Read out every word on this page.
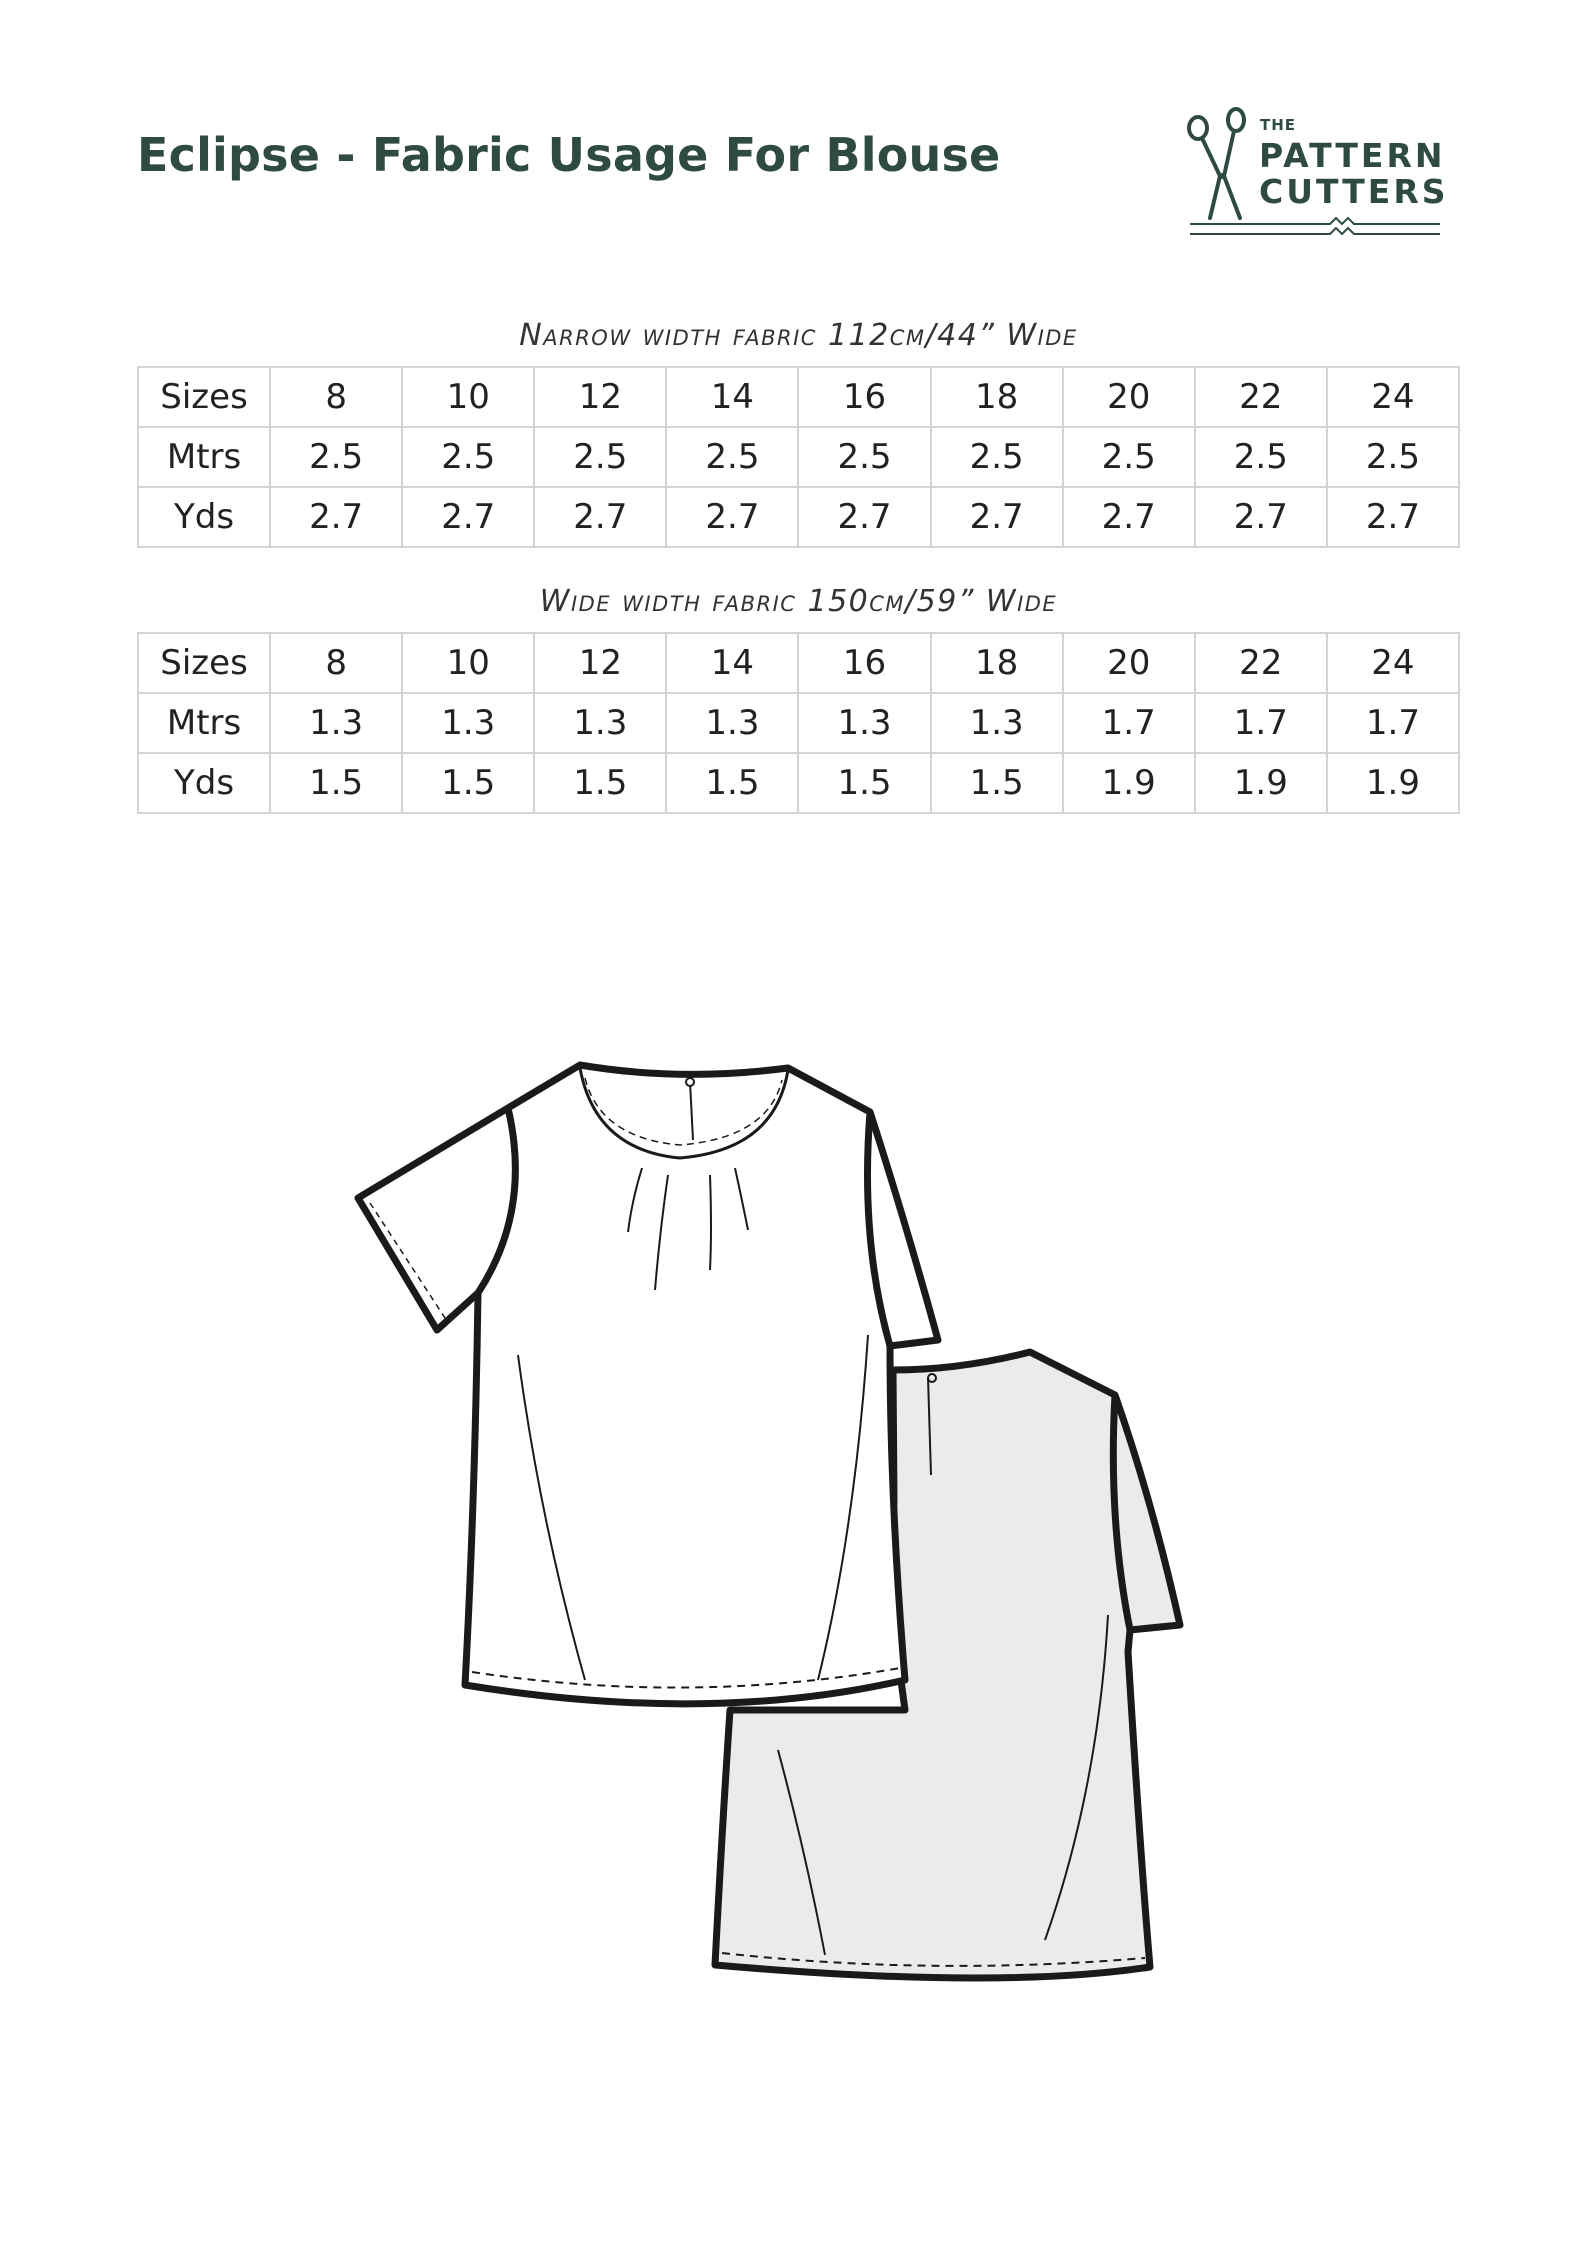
Eclipse - Fabric Usage For Blouse
THE
PATTERN
CUTTERS
Narrow width fabric 112cm/44” Wide
Sizes	8	10	12	14	16	18	20	22	24
Mtrs	2.5	2.5	2.5	2.5	2.5	2.5	2.5	2.5	2.5
Yds	2.7	2.7	2.7	2.7	2.7	2.7	2.7	2.7	2.7
Wide width fabric 150cm/59” Wide
Sizes	8	10	12	14	16	18	20	22	24
Mtrs	1.3	1.3	1.3	1.3	1.3	1.3	1.7	1.7	1.7
Yds	1.5	1.5	1.5	1.5	1.5	1.5	1.9	1.9	1.9
